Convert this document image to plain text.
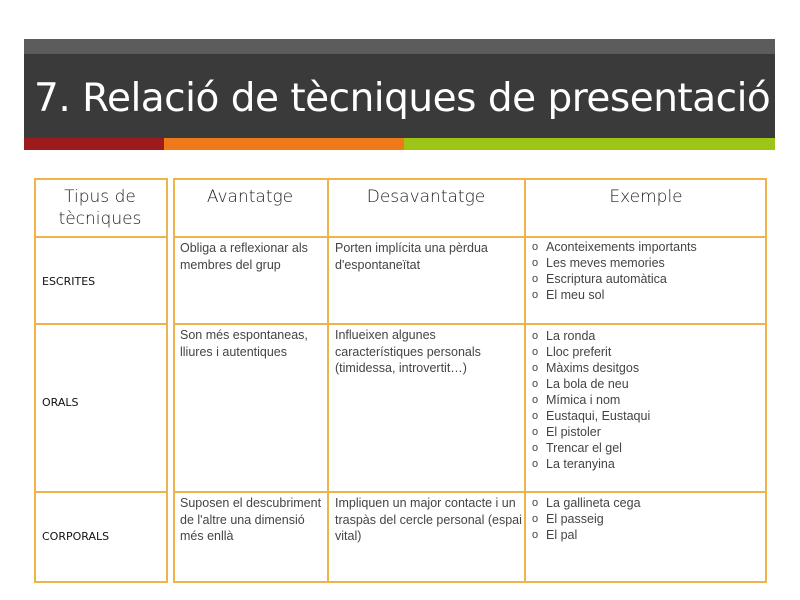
7. Relació de tècniques de presentació
Tipus de tècniques
Avantatge	Desavantatge	Exemple
ESCRITES
Obliga a reflexionar als membres del grup
Porten implícita una pèrdua d'espontaneïtat
o Aconteixements importants
o Les meves memories
o Escriptura automàtica
o El meu sol
ORALS
Son més espontaneas, lliures i autentiques
Influeixen algunes característiques personals (timidessa, introvertit…)
o La ronda
o Lloc preferit
o Màxims desitgos
o La bola de neu
o Mímica i nom
o Eustaqui, Eustaqui
o El pistoler
o Trencar el gel
o La teranyina
CORPORALS
Suposen el descubriment de l'altre una dimensió més enllà
Impliquen un major contacte i un traspàs del cercle personal (espai vital)
o La gallineta cega
o El passeig
o El pal
